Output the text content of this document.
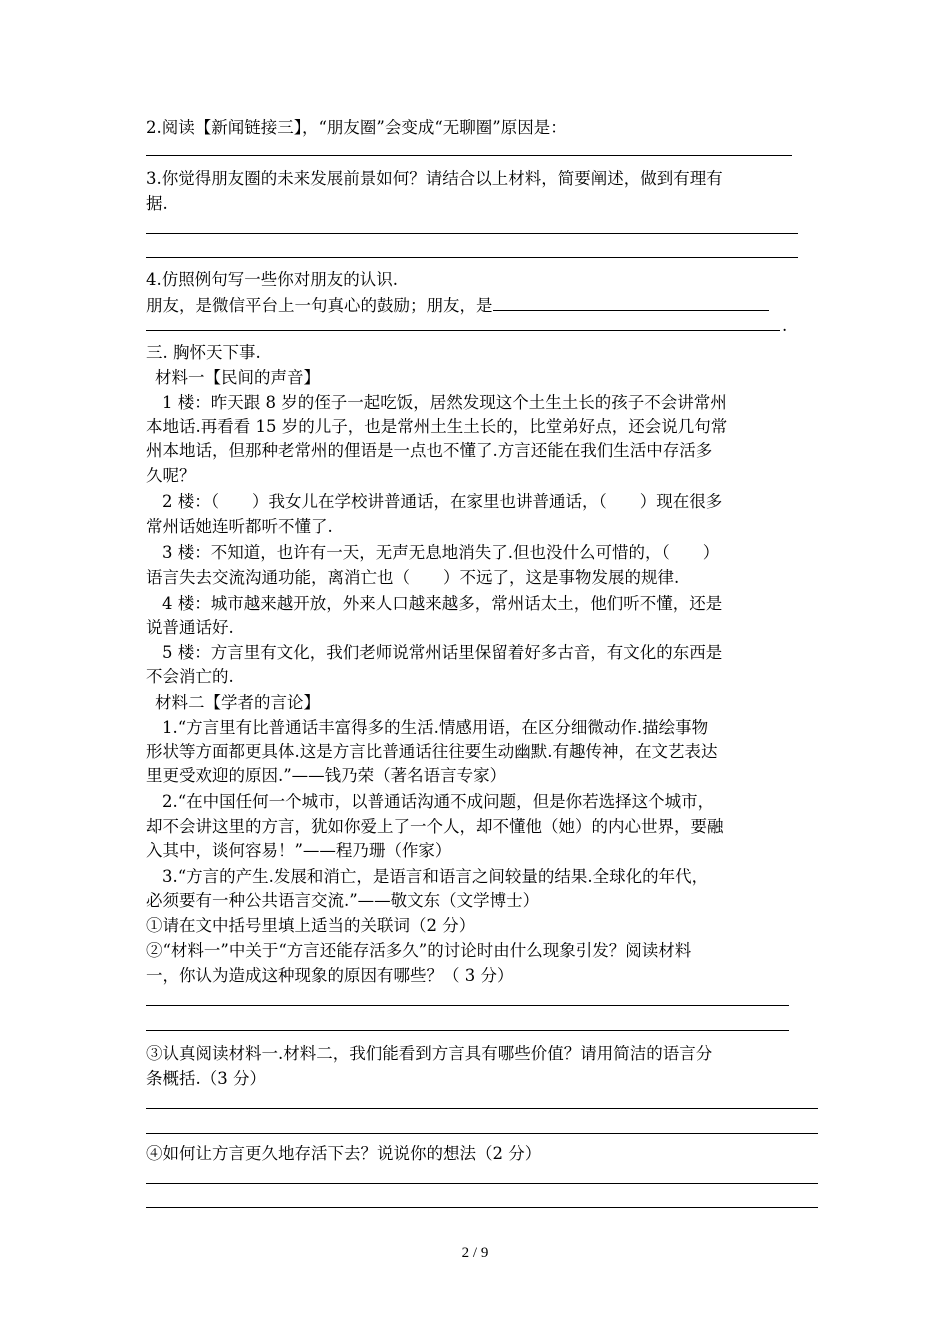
2.阅读【新闻链接三】，“朋友圈”会变成“无聊圈”原因是：
3.你觉得朋友圈的未来发展前景如何？请结合以上材料，简要阐述，做到有理有
据.
4.仿照例句写一些你对朋友的认识.
朋友，是微信平台上一句真心的鼓励；朋友，是
.
三. 胸怀天下事.
材料一【民间的声音】
1 楼：昨天跟 8 岁的侄子一起吃饭，居然发现这个土生土长的孩子不会讲常州
本地话.再看看 15 岁的儿子，也是常州土生土长的，比堂弟好点，还会说几句常
州本地话，但那种老常州的俚语是一点也不懂了.方言还能在我们生活中存活多
久呢？
2 楼：（　　）我女儿在学校讲普通话，在家里也讲普通话，（　　）现在很多
常州话她连听都听不懂了.
3 楼：不知道，也许有一天，无声无息地消失了.但也没什么可惜的，（　　）
语言失去交流沟通功能，离消亡也（　　）不远了，这是事物发展的规律.
4 楼：城市越来越开放，外来人口越来越多，常州话太土，他们听不懂，还是
说普通话好.
5 楼：方言里有文化，我们老师说常州话里保留着好多古音，有文化的东西是
不会消亡的.
材料二【学者的言论】
1.“方言里有比普通话丰富得多的生活.情感用语，在区分细微动作.描绘事物
形状等方面都更具体.这是方言比普通话往往要生动幽默.有趣传神，在文艺表达
里更受欢迎的原因.”——钱乃荣（著名语言专家）
2.“在中国任何一个城市，以普通话沟通不成问题，但是你若选择这个城市，
却不会讲这里的方言，犹如你爱上了一个人，却不懂他（她）的内心世界，要融
入其中，谈何容易！”——程乃珊（作家）
3.“方言的产生.发展和消亡，是语言和语言之间较量的结果.全球化的年代，
必须要有一种公共语言交流.”——敬文东（文学博士）
①请在文中括号里填上适当的关联词（2 分）
②“材料一”中关于“方言还能存活多久”的讨论时由什么现象引发？阅读材料
一，你认为造成这种现象的原因有哪些？（ 3 分）
③认真阅读材料一.材料二，我们能看到方言具有哪些价值？请用简洁的语言分
条概括.（3 分）
④如何让方言更久地存活下去？说说你的想法（2 分）
2 / 9
